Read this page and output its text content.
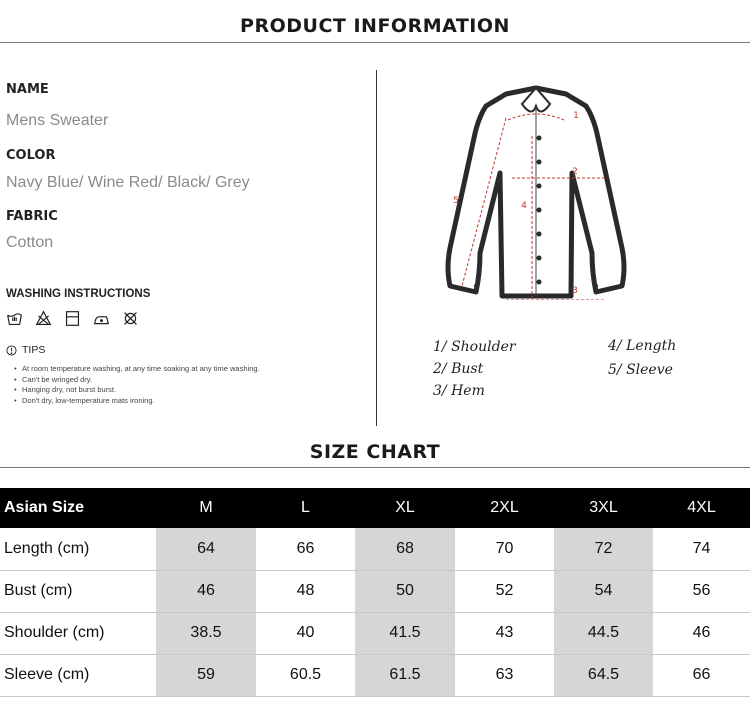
PRODUCT INFORMATION
NAME
Mens Sweater
COLOR
Navy Blue/ Wine Red/ Black/ Grey
FABRIC
Cotton
WASHING INSTRUCTIONS
TIPS
• At room temperature washing, at any time soaking at any time washing.
• Can't be wringed dry.
• Hanging dry, not burst burst.
• Don't dry, low-temperature mats ironing.
1
2
3
4
5
1/ Shoulder
2/ Bust
3/ Hem
4/ Length
5/ Sleeve
SIZE CHART
Asian Size	M	L	XL	2XL	3XL	4XL
Length (cm)	64	66	68	70	72	74
Bust (cm)	46	48	50	52	54	56
Shoulder (cm)	38.5	40	41.5	43	44.5	46
Sleeve (cm)	59	60.5	61.5	63	64.5	66
